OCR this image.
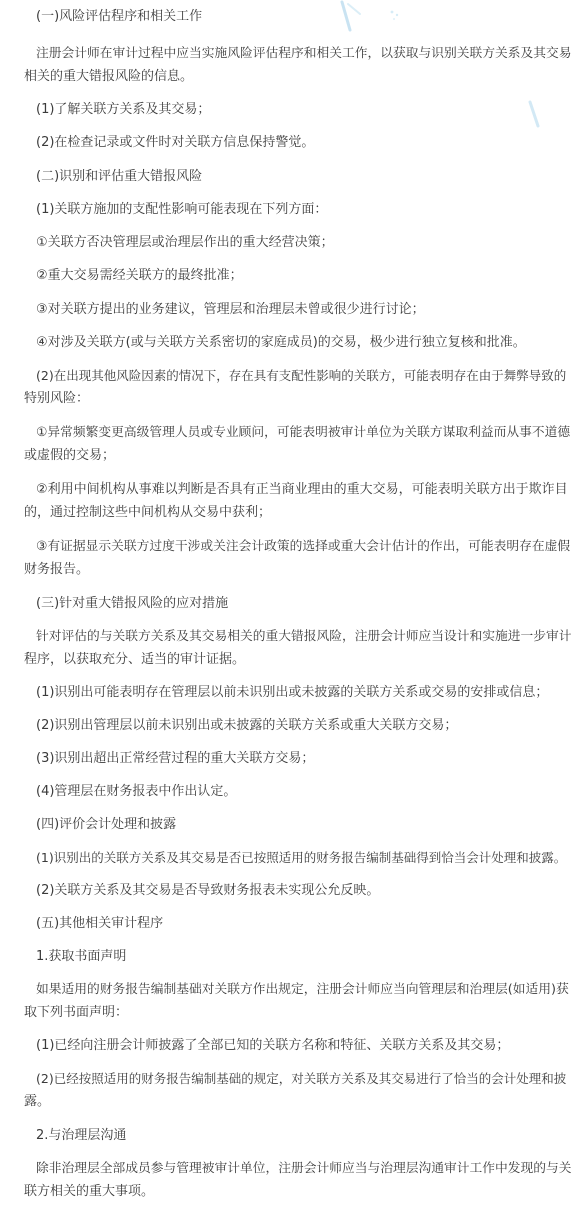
(一)风险评估程序和相关工作

注册会计师在审计过程中应当实施风险评估程序和相关工作，以获取与识别关联方关系及其交易

相关的重大错报风险的信息。

(1)了解关联方关系及其交易；

(2)在检查记录或文件时对关联方信息保持警觉。

(二)识别和评估重大错报风险

(1)关联方施加的支配性影响可能表现在下列方面：

①关联方否决管理层或治理层作出的重大经营决策；

②重大交易需经关联方的最终批准；

③对关联方提出的业务建议，管理层和治理层未曾或很少进行讨论；

④对涉及关联方(或与关联方关系密切的家庭成员)的交易，极少进行独立复核和批准。

(2)在出现其他风险因素的情况下，存在具有支配性影响的关联方，可能表明存在由于舞弊导致的

特别风险：

①异常频繁变更高级管理人员或专业顾问，可能表明被审计单位为关联方谋取利益而从事不道德

或虚假的交易；

②利用中间机构从事难以判断是否具有正当商业理由的重大交易，可能表明关联方出于欺诈目

的，通过控制这些中间机构从交易中获利；

③有证据显示关联方过度干涉或关注会计政策的选择或重大会计估计的作出，可能表明存在虚假

财务报告。

(三)针对重大错报风险的应对措施

针对评估的与关联方关系及其交易相关的重大错报风险，注册会计师应当设计和实施进一步审计

程序，以获取充分、适当的审计证据。

(1)识别出可能表明存在管理层以前未识别出或未披露的关联方关系或交易的安排或信息；

(2)识别出管理层以前未识别出或未披露的关联方关系或重大关联方交易；

(3)识别出超出正常经营过程的重大关联方交易；

(4)管理层在财务报表中作出认定。

(四)评价会计处理和披露

(1)识别出的关联方关系及其交易是否已按照适用的财务报告编制基础得到恰当会计处理和披露。

(2)关联方关系及其交易是否导致财务报表未实现公允反映。

(五)其他相关审计程序

1.获取书面声明

如果适用的财务报告编制基础对关联方作出规定，注册会计师应当向管理层和治理层(如适用)获

取下列书面声明：

(1)已经向注册会计师披露了全部已知的关联方名称和特征、关联方关系及其交易；

(2)已经按照适用的财务报告编制基础的规定，对关联方关系及其交易进行了恰当的会计处理和披

露。

2.与治理层沟通

除非治理层全部成员参与管理被审计单位，注册会计师应当与治理层沟通审计工作中发现的与关

联方相关的重大事项。
